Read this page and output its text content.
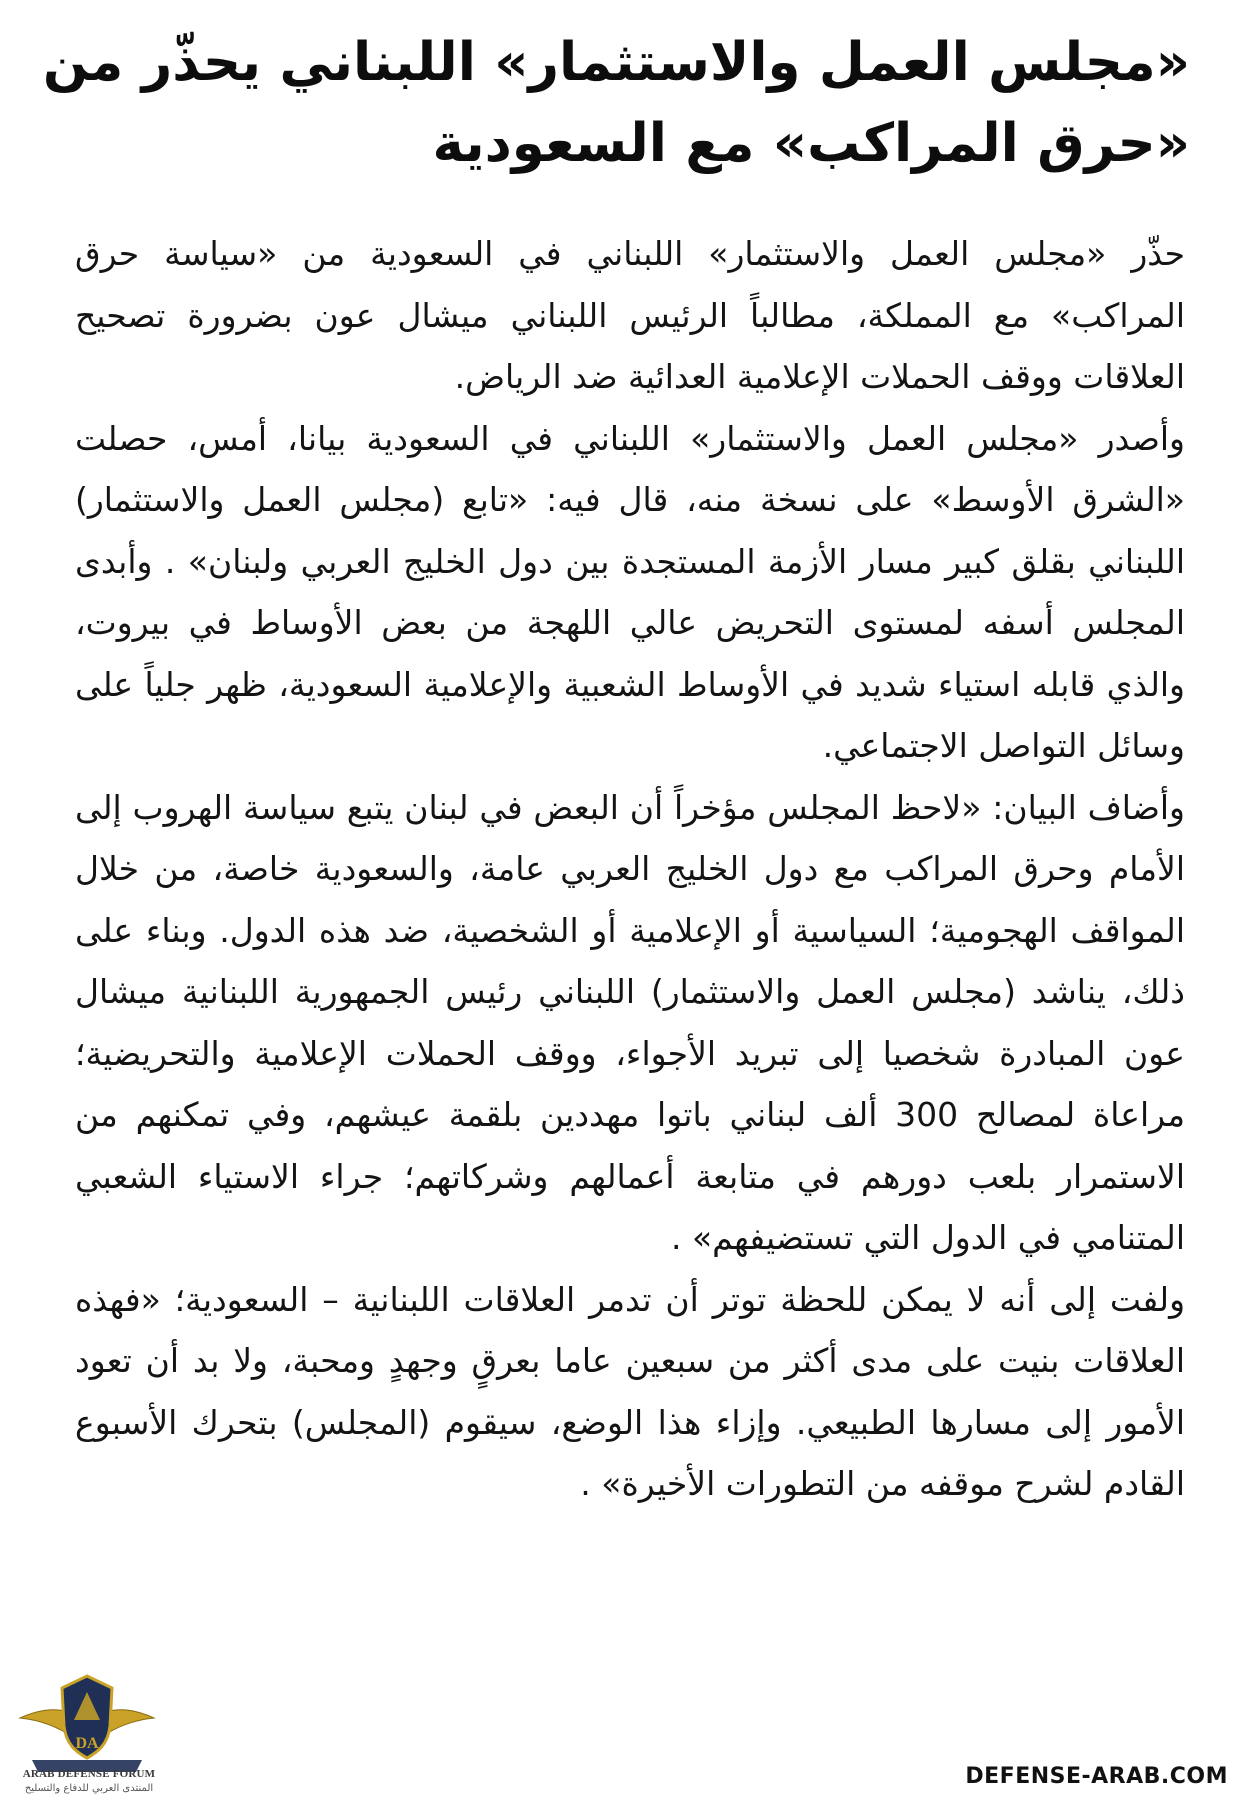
«مجلس العمل والاستثمار» اللبناني يحذّر من
«حرق المراكب» مع السعودية

حذّر «مجلس العمل والاستثمار» اللبناني في السعودية من «سياسة حرق المراكب» مع المملكة، مطالباً الرئيس اللبناني ميشال عون بضرورة تصحيح العلاقات ووقف الحملات الإعلامية العدائية ضد الرياض.

وأصدر «مجلس العمل والاستثمار» اللبناني في السعودية بيانا، أمس، حصلت «الشرق الأوسط» على نسخة منه، قال فيه: «تابع (مجلس العمل والاستثمار) اللبناني بقلق كبير مسار الأزمة المستجدة بين دول الخليج العربي ولبنان» . وأبدى المجلس أسفه لمستوى التحريض عالي اللهجة من بعض الأوساط في بيروت، والذي قابله استياء شديد في الأوساط الشعبية والإعلامية السعودية، ظهر جلياً على وسائل التواصل الاجتماعي.

وأضاف البيان: «لاحظ المجلس مؤخراً أن البعض في لبنان يتبع سياسة الهروب إلى الأمام وحرق المراكب مع دول الخليج العربي عامة، والسعودية خاصة، من خلال المواقف الهجومية؛ السياسية أو الإعلامية أو الشخصية، ضد هذه الدول. وبناء على ذلك، يناشد (مجلس العمل والاستثمار) اللبناني رئيس الجمهورية اللبنانية ميشال عون المبادرة شخصيا إلى تبريد الأجواء، ووقف الحملات الإعلامية والتحريضية؛ مراعاة لمصالح 300 ألف لبناني باتوا مهددين بلقمة عيشهم، وفي تمكنهم من الاستمرار بلعب دورهم في متابعة أعمالهم وشركاتهم؛ جراء الاستياء الشعبي المتنامي في الدول التي تستضيفهم» .

ولفت إلى أنه لا يمكن للحظة توتر أن تدمر العلاقات اللبنانية – السعودية؛ «فهذه العلاقات بنيت على مدى أكثر من سبعين عاما بعرقٍ وجهدٍ ومحبة، ولا بد أن تعود الأمور إلى مسارها الطبيعي. وإزاء هذا الوضع، سيقوم (المجلس) بتحرك الأسبوع القادم لشرح موقفه من التطورات الأخيرة» .

DA
ARAB DEFENSE FORUM
المنتدى العربي للدفاع والتسليح	DEFENSE-ARAB.COM
